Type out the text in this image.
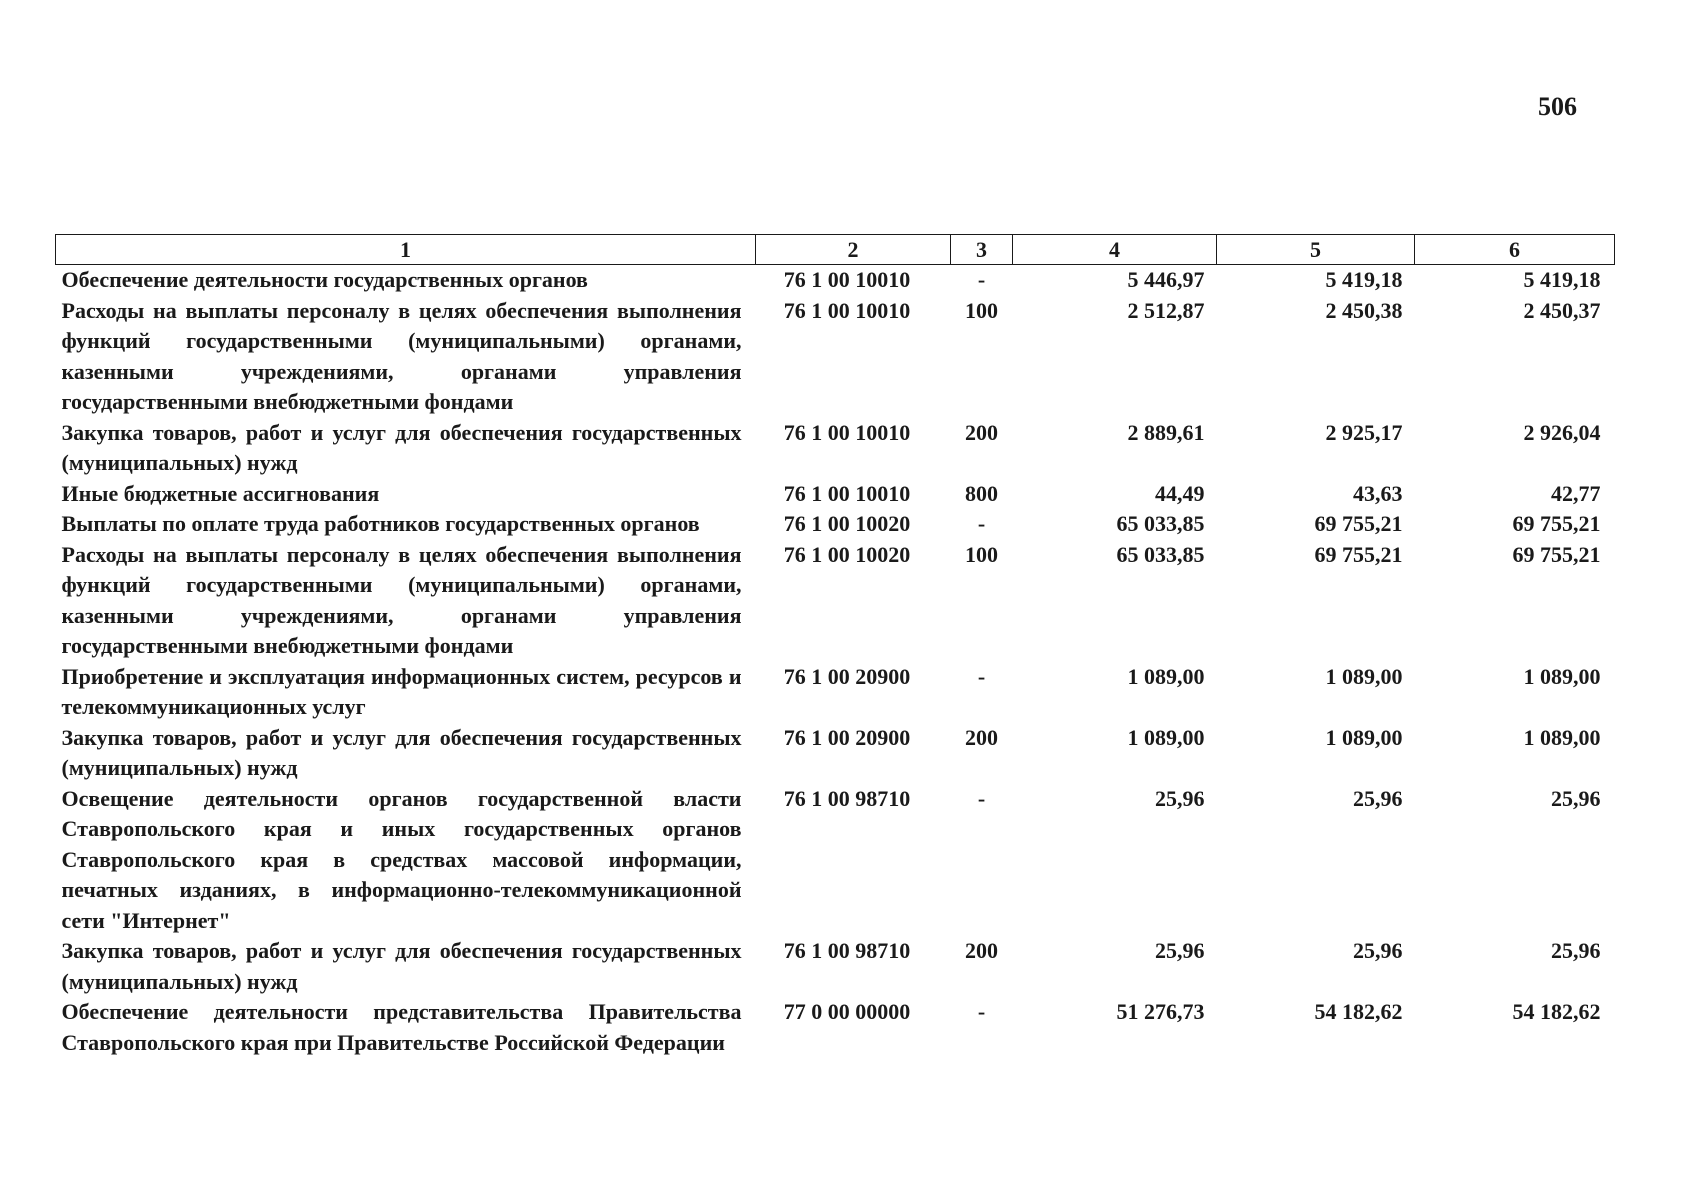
506
1	2	3	4	5	6
Обеспечение деятельности государственных органов	76 1 00 10010	-	5 446,97	5 419,18	5 419,18
Расходы на выплаты персоналу в целях обеспечения выполнения функций государственными (муниципальными) органами, казенными учреждениями, органами управления государственными внебюджетными фондами	76 1 00 10010	100	2 512,87	2 450,38	2 450,37
Закупка товаров, работ и услуг для обеспечения государственных (муниципальных) нужд	76 1 00 10010	200	2 889,61	2 925,17	2 926,04
Иные бюджетные ассигнования	76 1 00 10010	800	44,49	43,63	42,77
Выплаты по оплате труда работников государственных органов	76 1 00 10020	-	65 033,85	69 755,21	69 755,21
Расходы на выплаты персоналу в целях обеспечения выполнения функций государственными (муниципальными) органами, казенными учреждениями, органами управления государственными внебюджетными фондами	76 1 00 10020	100	65 033,85	69 755,21	69 755,21
Приобретение и эксплуатация информационных систем, ресурсов и телекоммуникационных услуг	76 1 00 20900	-	1 089,00	1 089,00	1 089,00
Закупка товаров, работ и услуг для обеспечения государственных (муниципальных) нужд	76 1 00 20900	200	1 089,00	1 089,00	1 089,00
Освещение деятельности органов государственной власти Ставропольского края и иных государственных органов Ставропольского края в средствах массовой информации, печатных изданиях, в информационно-телекоммуникационной сети "Интернет"	76 1 00 98710	-	25,96	25,96	25,96
Закупка товаров, работ и услуг для обеспечения государственных (муниципальных) нужд	76 1 00 98710	200	25,96	25,96	25,96
Обеспечение деятельности представительства Правительства Ставропольского края при Правительстве Российской Федерации	77 0 00 00000	-	51 276,73	54 182,62	54 182,62
